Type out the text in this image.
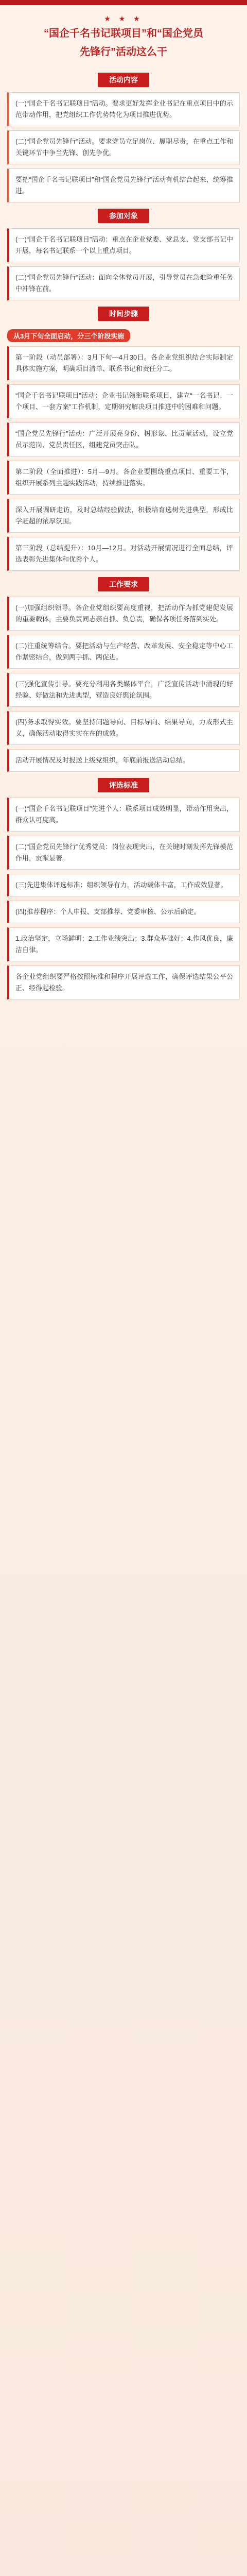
★ ★ ★
“国企千名书记联项目”和“国企党员
先锋行”活动这么干
活动内容
(一)“国企千名书记联项目”活动。要求更好发挥企业书记在重点项目中的示范带动作用，把党组织工作优势转化为项目推进优势。
(二)“国企党员先锋行”活动。要求党员立足岗位、履职尽责，在重点工作和关键环节中争当先锋、创先争优。
要把“国企千名书记联项目”和“国企党员先锋行”活动有机结合起来，统筹推进。
参加对象
(一)“国企千名书记联项目”活动：重点在企业党委、党总支、党支部书记中开展，每名书记联系一个以上重点项目。
(二)“国企党员先锋行”活动：面向全体党员开展，引导党员在急难险重任务中冲锋在前。
时间步骤
从3月下旬全面启动，分三个阶段实施
第一阶段（动员部署）：3月下旬—4月30日。各企业党组织结合实际制定具体实施方案，明确项目清单、联系书记和责任分工。
“国企千名书记联项目”活动：企业书记领衔联系项目，建立“一名书记、一个项目、一套方案”工作机制，定期研究解决项目推进中的困难和问题。
“国企党员先锋行”活动：广泛开展亮身份、树形象、比贡献活动，设立党员示范岗、党员责任区，组建党员突击队。
第二阶段（全面推进）：5月—9月。各企业要围绕重点项目、重要工作，组织开展系列主题实践活动，持续推进落实。
深入开展调研走访，及时总结经验做法，积极培育选树先进典型，形成比学赶超的浓厚氛围。
第三阶段（总结提升）：10月—12月。对活动开展情况进行全面总结，评选表彰先进集体和优秀个人。
工作要求
(一)加强组织领导。各企业党组织要高度重视，把活动作为抓党建促发展的重要载体，主要负责同志亲自抓、负总责，确保各项任务落到实处。
(二)注重统筹结合。要把活动与生产经营、改革发展、安全稳定等中心工作紧密结合，做到两手抓、两促进。
(三)强化宣传引导。要充分利用各类媒体平台，广泛宣传活动中涌现的好经验、好做法和先进典型，营造良好舆论氛围。
(四)务求取得实效。要坚持问题导向、目标导向、结果导向，力戒形式主义，确保活动取得实实在在的成效。
活动开展情况及时报送上级党组织，年底前报送活动总结。
评选标准
(一)“国企千名书记联项目”先进个人：联系项目成效明显，带动作用突出，群众认可度高。
(二)“国企党员先锋行”优秀党员：岗位表现突出，在关键时刻发挥先锋模范作用，贡献显著。
(三)先进集体评选标准：组织领导有力，活动载体丰富，工作成效显著。
(四)推荐程序：个人申报、支部推荐、党委审核、公示后确定。
1.政治坚定，立场鲜明；2.工作业绩突出；3.群众基础好；4.作风优良，廉洁自律。
各企业党组织要严格按照标准和程序开展评选工作，确保评选结果公平公正、经得起检验。
